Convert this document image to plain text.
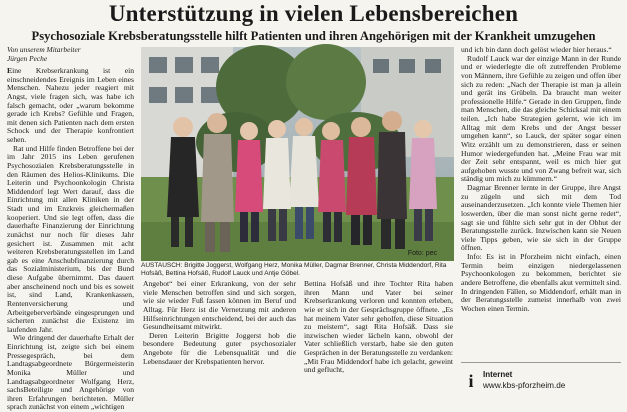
Unterstützung in vielen Lebensbereichen
Psychosoziale Krebsberatungsstelle hilft Patienten und ihren Angehörigen mit der Krankheit umzugehen
Von unserem Mitarbeiter
Jürgen Peche

Eine Krebserkrankung ist ein einschneidendes Ereignis im Leben eines Menschen. Nahezu jeder reagiert mit Angst, viele fragen sich, was habe ich falsch gemacht, oder „warum bekomme gerade ich Krebs? Gefühle und Fragen, mit denen sich Patienten nach dem ersten Schock und der Therapie konfrontiert sehen.

Rat und Hilfe finden Betroffene bei der im Jahr 2015 ins Leben gerufenen Psychosozialen Krebsberatungsstelle in den Räumen des Helios-Klinikums. Die Leiterin und Psychoonkologin Christa Middendorf legt Wert darauf, dass die Einrichtung mit allen Kliniken in der Stadt und im Enzkreis gleichermaßen kooperiert. Und sie legt offen, dass die dauerhafte Finanzierung der Einrichtung zunächst nur noch für dieses Jahr gesichert ist. Zusammen mit acht weiteren Krebsberatungsstellen im Land gab es eine Anschubfinanzierung durch das Sozialministerium, bis der Bund diese Aufgabe übernimmt. Das dauert aber anscheinend noch und bis es soweit ist, sind Land, Krankenkassen, Rentenversicherung und Arbeitgeberverbände eingesprungen und sicherten zunächst die Existenz im laufenden Jahr.

Wie dringend der dauerhafte Erhalt der Einrichtung ist, zeigte sich bei einem Pressegespräch, bei dem Landtagsabgeordnete Bürgermeisterin Monika Müller und Landtagsabgeordneter Wolfgang Herz, sachsBeteiligte und Angehörige von ihren Erfahrungen berichteten. Müller sprach zunächst von einem „wichtigen

Foto: pec
AUSTAUSCH: Brigitte Joggerst, Wolfgang Herz, Monika Müller, Dagmar Brenner, Christa Middendorf, Rita Hofsäß, Bettina Hofsäß, Rudolf Lauck und Antje Göbel.

Angebot“ bei einer Erkrankung, von der sehr viele Menschen betroffen sind und sich sorgen, wie sie wieder Fuß fassen können im Beruf und Alltag. Für Herz ist die Vernetzung mit anderen Hilfseinrichtungen entscheidend, bei der auch das Gesundheitsamt mitwirkt.

Deren Leiterin Brigitte Joggerst hob die besondere Bedeutung guter psychosozialer Angebote für die Lebensqualität und die Lebensdauer der Krebspatienten hervor.

Bettina Hofsäß und ihre Tochter Rita haben ihren Mann und Vater bei seiner Krebserkrankung verloren und konnten erleben, wie er sich in der Gesprächsgruppe öffnete. „Es hat meinem Vater sehr geholfen, diese Situation zu meistern“, sagt Rita Hofsäß. Dass sie inzwischen wieder lächeln kann, obwohl der Vater schließlich verstarb, habe sie den guten Gesprächen in der Beratungsstelle zu verdanken: „Mit Frau Middendorf habe ich gelacht, geweint und geflucht,

und ich bin dann doch gelöst wieder hier heraus.“

Rudolf Lauck war der einzige Mann in der Runde und er wiederlegte die oft zutreffenden Probleme von Männern, ihre Gefühle zu zeigen und offen über sich zu reden: „Nach der Therapie ist man ja allein und gerät ins Grübeln. Da braucht man weiter professionelle Hilfe.“ Gerade in den Gruppen, finde man Menschen, die das gleiche Schicksal mit einem teilen. „Ich habe Strategien gelernt, wie ich im Alltag mit dem Krebs und der Angst besser umgehen kann“, so Lauck, der später sogar einen Witz erzählt um zu demonstrieren, dass er seinen Humor wiedergefunden hat. „Meine Frau war mit der Zeit sehr entspannt, weil es mich hier gut aufgehoben wusste und von Zwang befreit war, sich ständig um mich zu kümmern.“

Dagmar Brenner lernte in der Gruppe, ihre Angst zu zügeln und sich mit dem Tod auseinanderzusetzen. „Ich konnte viele Themen hier loswerden, über die man sonst nicht gerne redet“, sagt sie und fühlte sich sehr gut in der Obhut der Beratungsstelle zurück. Inzwischen kann sie Neuen viele Tipps geben, wie sie sich in der Gruppe öffnen.

Info: Es ist in Pforzheim nicht einfach, einen Termin beim einzigen niedergelassenen Psychoonkologen zu bekommen, berichtet sie andere Betroffene, die ebenfalls akut vermittelt sind. In dringenden Fällen, so Middendorf, erhält man in der Beratungsstelle zumeist innerhalb von zwei Wochen einen Termin.

i	Internet
www.kbs-pforzheim.de
